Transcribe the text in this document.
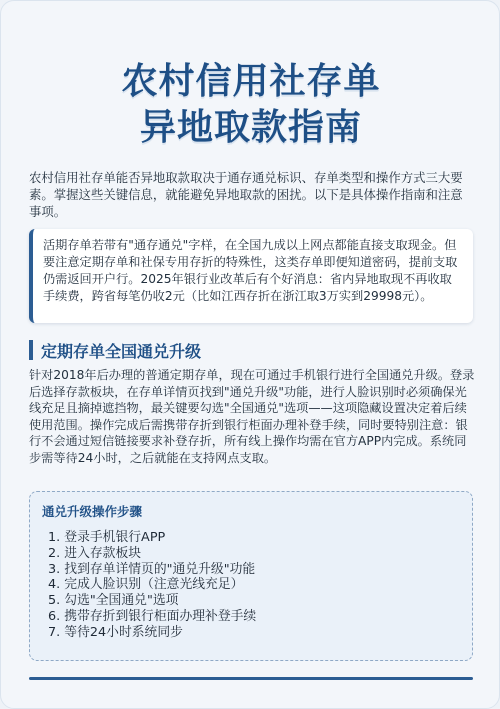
农村信用社存单
异地取款指南
农村信用社存单能否异地取款取决于通存通兑标识、存单类型和操作方式三大要素。掌握这些关键信息，就能避免异地取款的困扰。以下是具体操作指南和注意事项。
活期存单若带有"通存通兑"字样，在全国九成以上网点都能直接支取现金。但要注意定期存单和社保专用存折的特殊性，这类存单即便知道密码，提前支取仍需返回开户行。2025年银行业改革后有个好消息：省内异地取现不再收取手续费，跨省每笔仍收2元（比如江西存折在浙江取3万实到29998元）。
定期存单全国通兑升级
针对2018年后办理的普通定期存单，现在可通过手机银行进行全国通兑升级。登录后选择存款板块，在存单详情页找到"通兑升级"功能，进行人脸识别时必须确保光线充足且摘掉遮挡物，最关键要勾选"全国通兑"选项——这项隐藏设置决定着后续使用范围。操作完成后需携带存折到银行柜面办理补登手续，同时要特别注意：银行不会通过短信链接要求补登存折，所有线上操作均需在官方APP内完成。系统同步需等待24小时，之后就能在支持网点支取。
通兑升级操作步骤
1. 登录手机银行APP
2. 进入存款板块
3. 找到存单详情页的"通兑升级"功能
4. 完成人脸识别（注意光线充足）
5. 勾选"全国通兑"选项
6. 携带存折到银行柜面办理补登手续
7. 等待24小时系统同步
